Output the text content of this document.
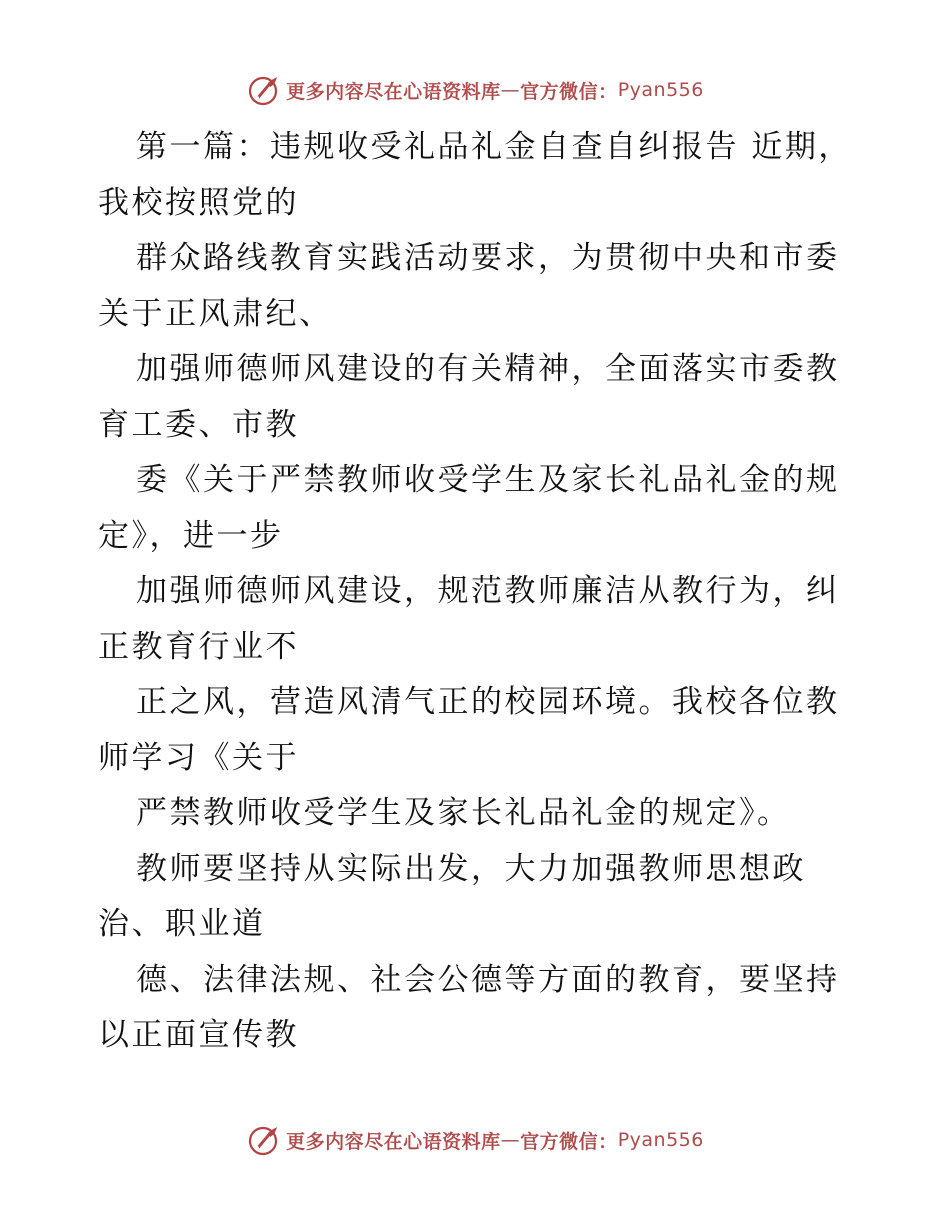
更多内容尽在心语资料库 — 官方微信： Pyan556

第一篇：违规收受礼品礼金自查自纠报告 近期，我校按照党的

群众路线教育实践活动要求，为贯彻中央和市委关于正风肃纪、

加强师德师风建设的有关精神，全面落实市委教育工委、市教

委《关于严禁教师收受学生及家长礼品礼金的规定》，进一步

加强师德师风建设，规范教师廉洁从教行为，纠正教育行业不

正之风，营造风清气正的校园环境。我校各位教师学习《关于

严禁教师收受学生及家长礼品礼金的规定》。

教师要坚持从实际出发，大力加强教师思想政治、职业道

德、法律法规、社会公德等方面的教育，要坚持以正面宣传教

更多内容尽在心语资料库 — 官方微信： Pyan556
